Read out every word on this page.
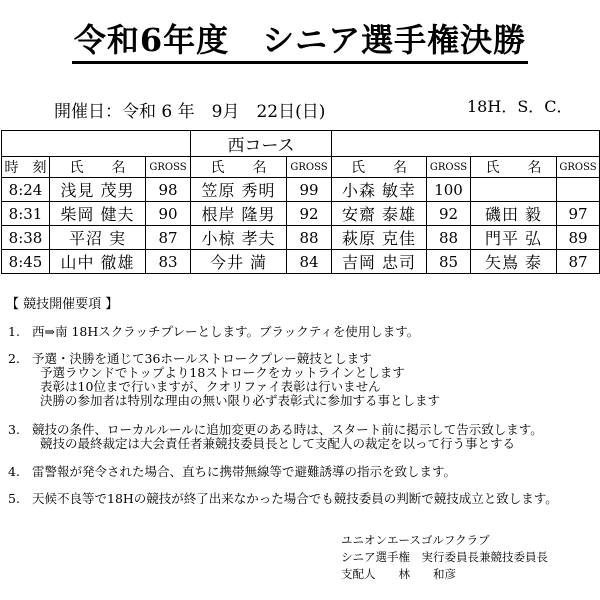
令和6年度　シニア選手権決勝
開催日：令和 6 年　9月　22日(日)	18H．S．C．
			西コース					
時　刻	氏　　名	GROSS	氏　　名	GROSS	氏　　名	GROSS	氏　　名	GROSS
8:24	浅見 茂男	98	笠原 秀明	99	小森 敏幸	100		
8:31	柴岡 健夫	90	根岸 隆男	92	安齋 泰雄	92	磯田 毅	97
8:38	平沼 実	87	小椋 孝夫	88	萩原 克佳	88	門平 弘	89
8:45	山中 徹雄	83	今井 満	84	吉岡 忠司	85	矢嶌 泰	87
【 競技開催要項 】
1. 西⇒南 18Hスクラッチプレーとします。ブラックティを使用します。
2. 予選・決勝を通じて36ホールストロークプレー競技とします
予選ラウンドでトップより18ストロークをカットラインとします
表彰は10位まで行いますが、クオリファイ表彰は行いません
決勝の参加者は特別な理由の無い限り必ず表彰式に参加する事とします
3. 競技の条件、ローカルルールに追加変更のある時は、スタート前に掲示して告示致します。
競技の最終裁定は大会責任者兼競技委員長として支配人の裁定を以って行う事とする
4. 雷警報が発令された場合、直ちに携帯無線等で避難誘導の指示を致します。
5. 天候不良等で18Hの競技が終了出来なかった場合でも競技委員の判断で競技成立と致します。
ユニオンエースゴルフクラブ
シニア選手権　実行委員長兼競技委員長
支配人　　林　　和彦
